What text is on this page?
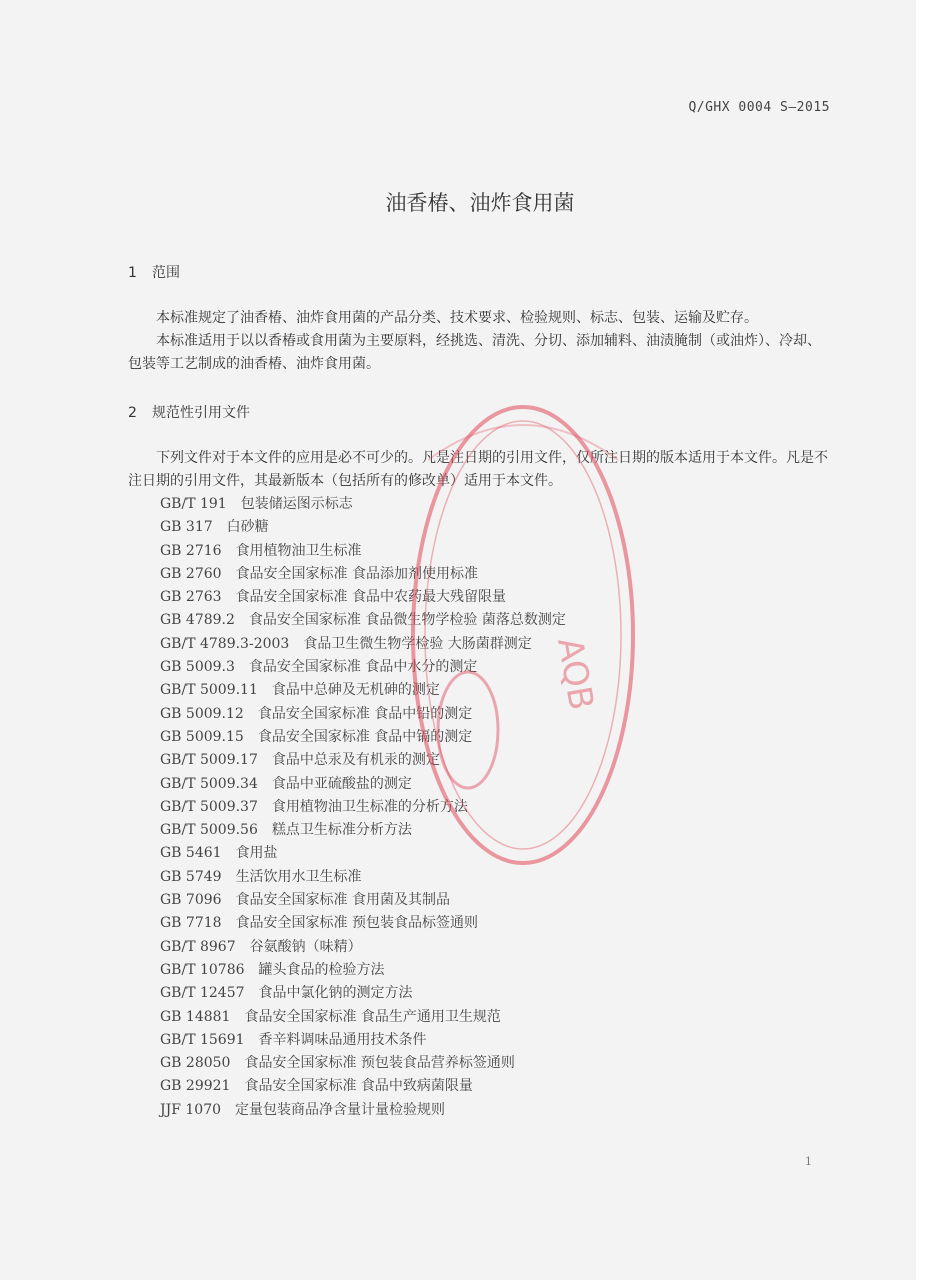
Q/GHX 0004 S—2015
油香椿、油炸食用菌
1 范围

本标准规定了油香椿、油炸食用菌的产品分类、技术要求、检验规则、标志、包装、运输及贮存。

本标准适用于以以香椿或食用菌为主要原料，经挑选、清洗、分切、添加辅料、油渍腌制（或油炸）、冷却、包装等工艺制成的油香椿、油炸食用菌。

2 规范性引用文件

下列文件对于本文件的应用是必不可少的。凡是注日期的引用文件，仅所注日期的版本适用于本文件。凡是不注日期的引用文件，其最新版本（包括所有的修改单）适用于本文件。

GB/T 191 包装储运图示标志
GB 317 白砂糖
GB 2716 食用植物油卫生标准
GB 2760 食品安全国家标准 食品添加剂使用标准
GB 2763 食品安全国家标准 食品中农药最大残留限量
GB 4789.2 食品安全国家标准 食品微生物学检验 菌落总数测定
GB/T 4789.3-2003 食品卫生微生物学检验 大肠菌群测定
GB 5009.3 食品安全国家标准 食品中水分的测定
GB/T 5009.11 食品中总砷及无机砷的测定
GB 5009.12 食品安全国家标准 食品中铅的测定
GB 5009.15 食品安全国家标准 食品中镉的测定
GB/T 5009.17 食品中总汞及有机汞的测定
GB/T 5009.34 食品中亚硫酸盐的测定
GB/T 5009.37 食用植物油卫生标准的分析方法
GB/T 5009.56 糕点卫生标准分析方法
GB 5461 食用盐
GB 5749 生活饮用水卫生标准
GB 7096 食品安全国家标准 食用菌及其制品
GB 7718 食品安全国家标准 预包装食品标签通则
GB/T 8967 谷氨酸钠（味精）
GB/T 10786 罐头食品的检验方法
GB/T 12457 食品中氯化钠的测定方法
GB 14881 食品安全国家标准 食品生产通用卫生规范
GB/T 15691 香辛料调味品通用技术条件
GB 28050 食品安全国家标准 预包装食品营养标签通则
GB 29921 食品安全国家标准 食品中致病菌限量
JJF 1070 定量包装商品净含量计量检验规则
AQB
1
